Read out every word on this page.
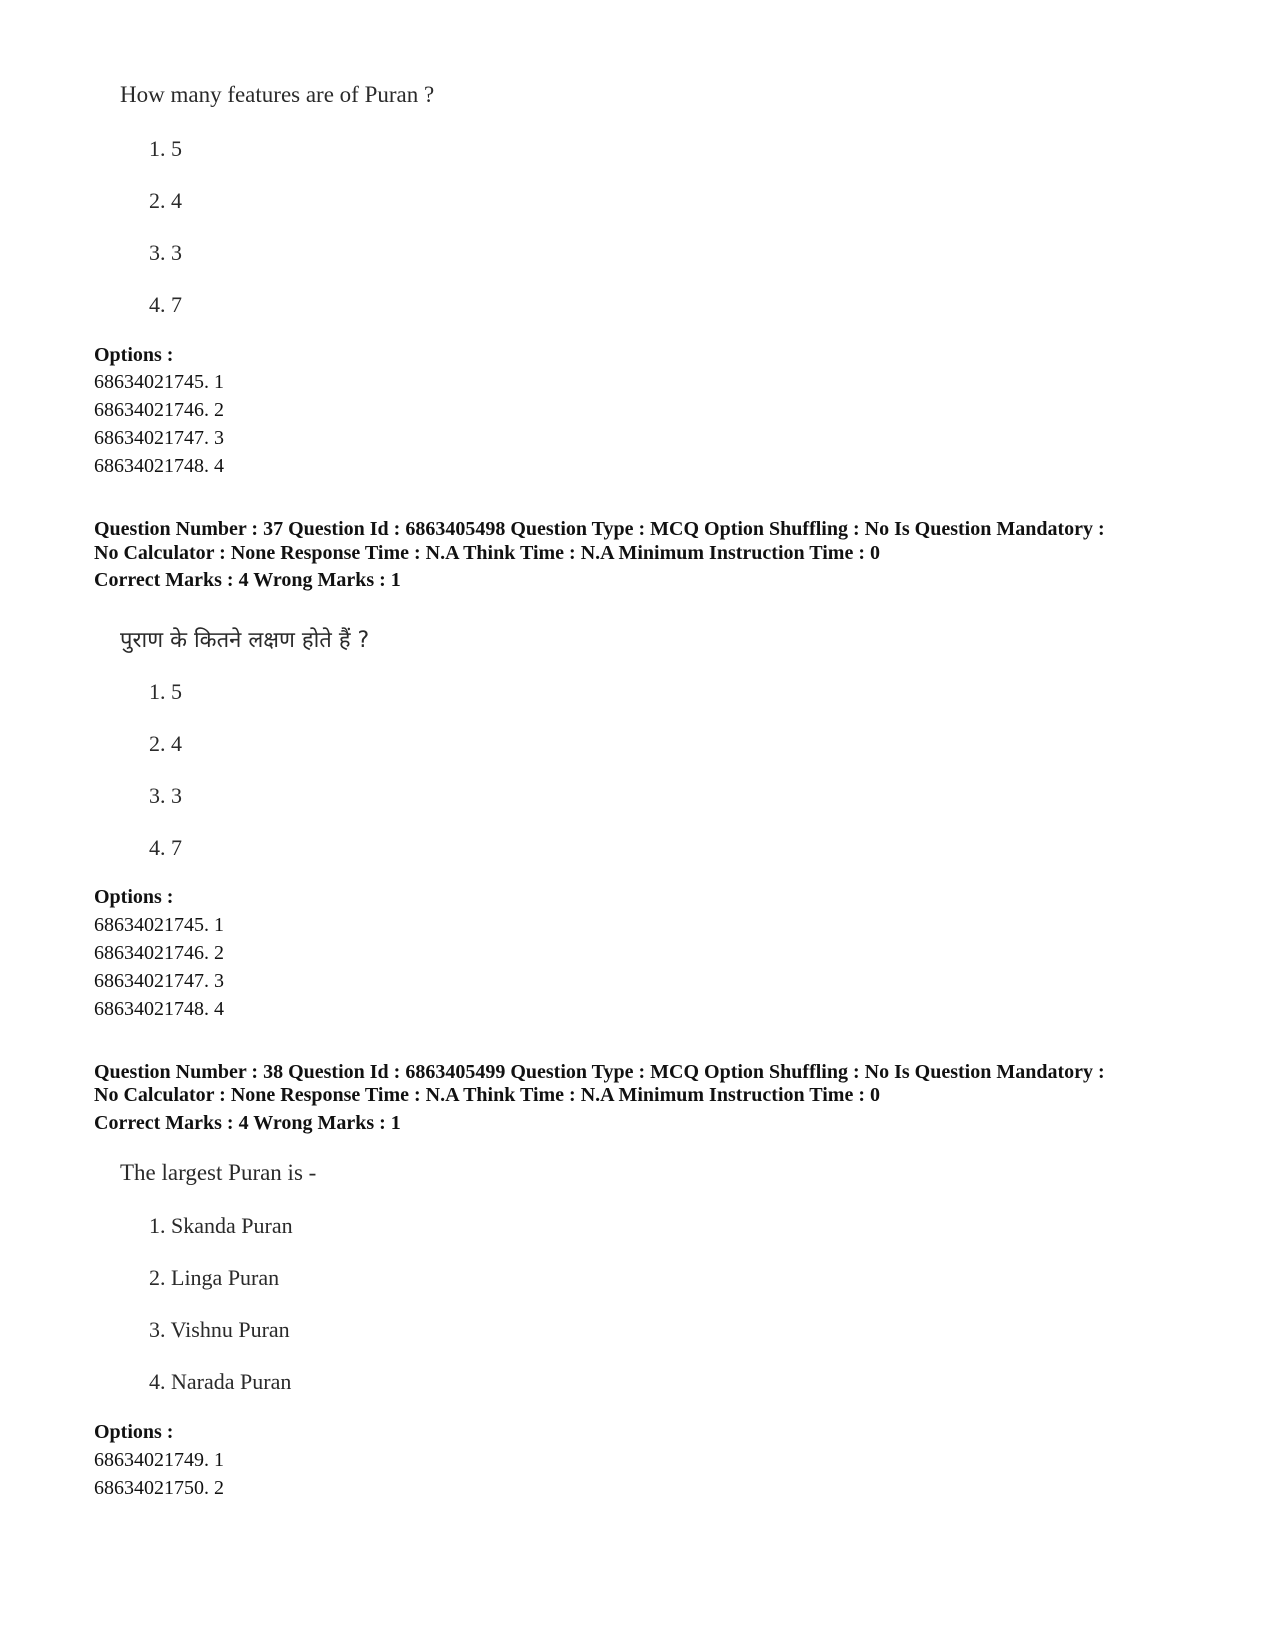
How many features are of Puran ?
1. 5
2. 4
3. 3
4. 7
Options :
68634021745. 1
68634021746. 2
68634021747. 3
68634021748. 4
Question Number : 37 Question Id : 6863405498 Question Type : MCQ Option Shuffling : No Is Question Mandatory :
No Calculator : None Response Time : N.A Think Time : N.A Minimum Instruction Time : 0
Correct Marks : 4 Wrong Marks : 1
पुराण के कितने लक्षण होते हैं ?
1. 5
2. 4
3. 3
4. 7
Options :
68634021745. 1
68634021746. 2
68634021747. 3
68634021748. 4
Question Number : 38 Question Id : 6863405499 Question Type : MCQ Option Shuffling : No Is Question Mandatory :
No Calculator : None Response Time : N.A Think Time : N.A Minimum Instruction Time : 0
Correct Marks : 4 Wrong Marks : 1
The largest Puran is -
1. Skanda Puran
2. Linga Puran
3. Vishnu Puran
4. Narada Puran
Options :
68634021749. 1
68634021750. 2
